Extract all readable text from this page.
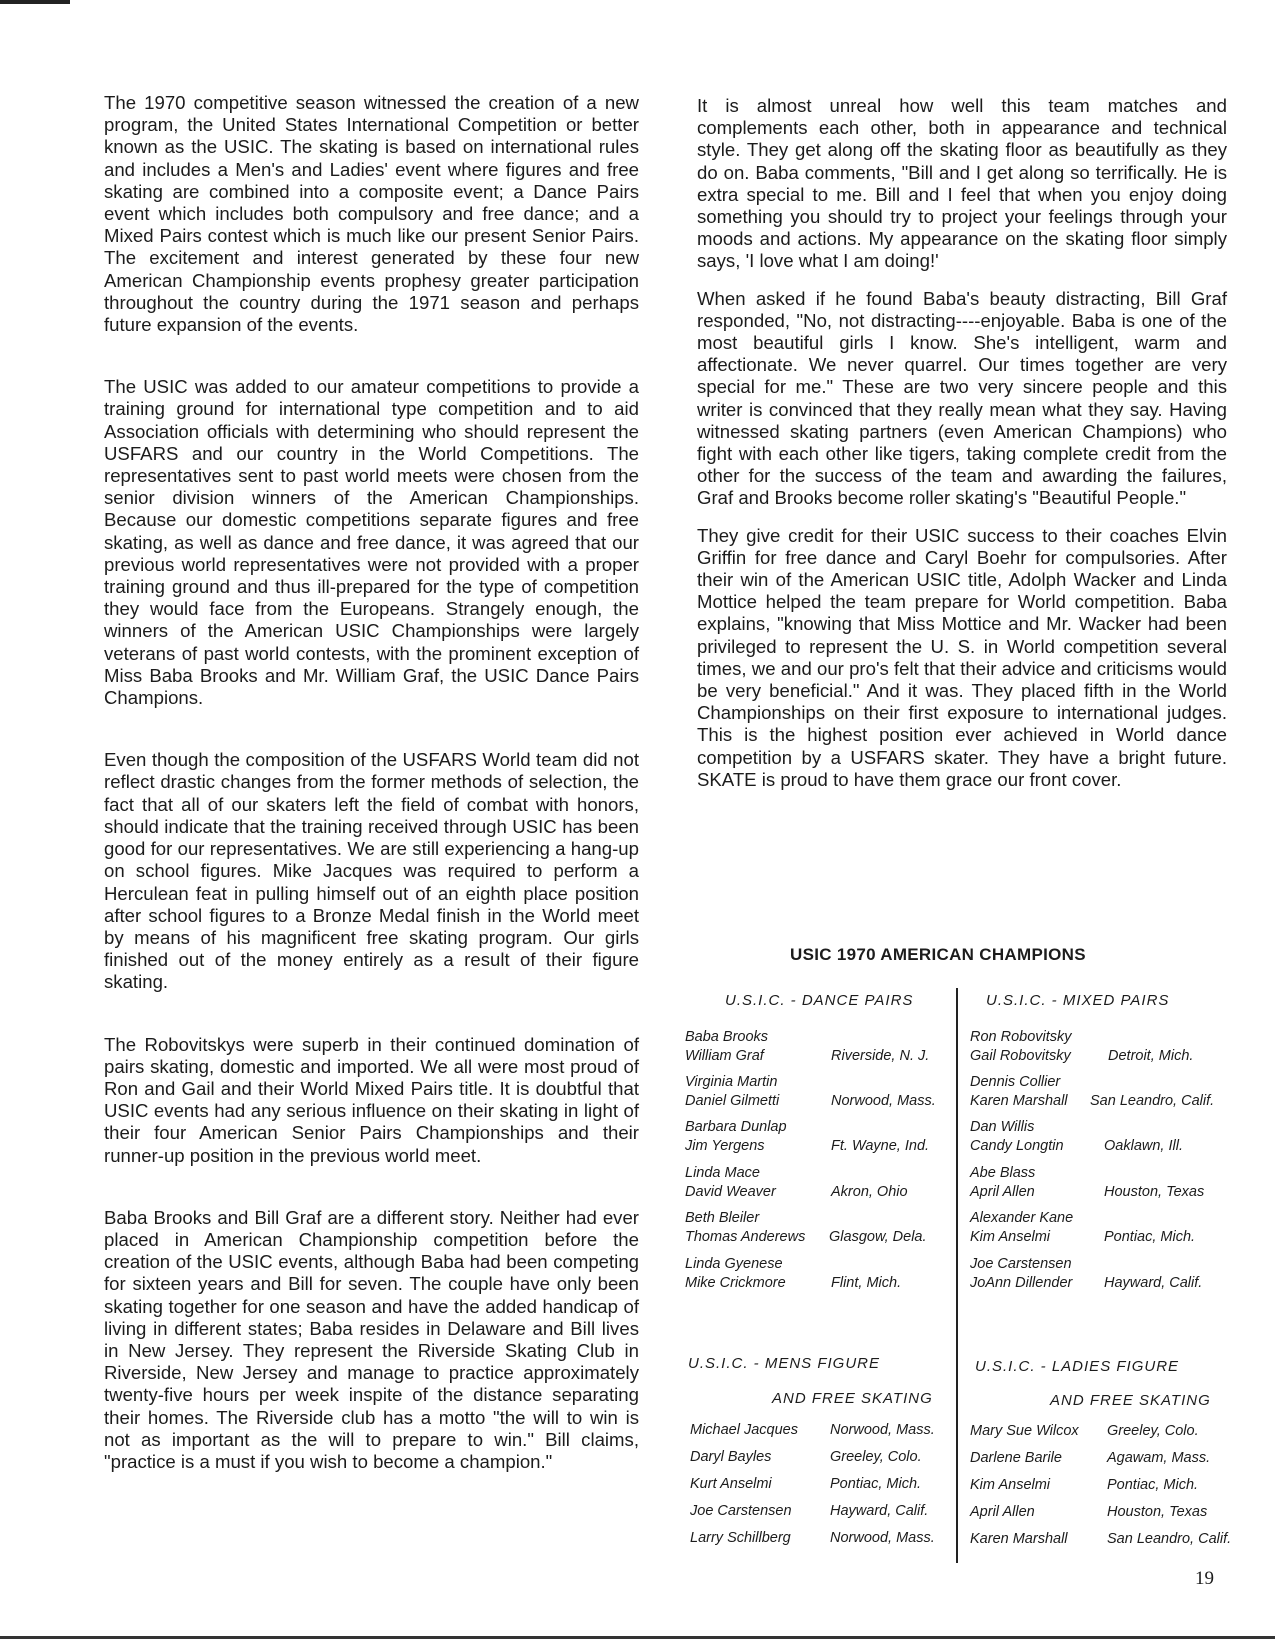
The 1970 competitive season witnessed the creation of a new program, the United States International Competition or better known as the USIC. The skating is based on international rules and includes a Men's and Ladies' event where figures and free skating are combined into a composite event; a Dance Pairs event which includes both compulsory and free dance; and a Mixed Pairs contest which is much like our present Senior Pairs. The excitement and interest generated by these four new American Championship events prophesy greater participation throughout the country during the 1971 season and perhaps future expansion of the events.

The USIC was added to our amateur competitions to provide a training ground for international type competition and to aid Association officials with determining who should represent the USFARS and our country in the World Competitions. The representatives sent to past world meets were chosen from the senior division winners of the American Championships. Because our domestic competitions separate figures and free skating, as well as dance and free dance, it was agreed that our previous world representatives were not provided with a proper training ground and thus ill-prepared for the type of competition they would face from the Europeans. Strangely enough, the winners of the American USIC Championships were largely veterans of past world contests, with the prominent exception of Miss Baba Brooks and Mr. William Graf, the USIC Dance Pairs Champions.

Even though the composition of the USFARS World team did not reflect drastic changes from the former methods of selection, the fact that all of our skaters left the field of combat with honors, should indicate that the training received through USIC has been good for our representatives. We are still experiencing a hang-up on school figures. Mike Jacques was required to perform a Herculean feat in pulling himself out of an eighth place position after school figures to a Bronze Medal finish in the World meet by means of his magnificent free skating program. Our girls finished out of the money entirely as a result of their figure skating.

The Robovitskys were superb in their continued domination of pairs skating, domestic and imported. We all were most proud of Ron and Gail and their World Mixed Pairs title. It is doubtful that USIC events had any serious influence on their skating in light of their four American Senior Pairs Championships and their runner-up position in the previous world meet.

Baba Brooks and Bill Graf are a different story. Neither had ever placed in American Championship competition before the creation of the USIC events, although Baba had been competing for sixteen years and Bill for seven. The couple have only been skating together for one season and have the added handicap of living in different states; Baba resides in Delaware and Bill lives in New Jersey. They represent the Riverside Skating Club in Riverside, New Jersey and manage to practice approximately twenty-five hours per week inspite of the distance separating their homes. The Riverside club has a motto "the will to win is not as important as the will to prepare to win." Bill claims, "practice is a must if you wish to become a champion."

It is almost unreal how well this team matches and complements each other, both in appearance and technical style. They get along off the skating floor as beautifully as they do on. Baba comments, "Bill and I get along so terrifically. He is extra special to me. Bill and I feel that when you enjoy doing something you should try to project your feelings through your moods and actions. My appearance on the skating floor simply says, 'I love what I am doing!'

When asked if he found Baba's beauty distracting, Bill Graf responded, "No, not distracting----enjoyable. Baba is one of the most beautiful girls I know. She's intelligent, warm and affectionate. We never quarrel. Our times together are very special for me." These are two very sincere people and this writer is convinced that they really mean what they say. Having witnessed skating partners (even American Champions) who fight with each other like tigers, taking complete credit from the other for the success of the team and awarding the failures, Graf and Brooks become roller skating's "Beautiful People."

They give credit for their USIC success to their coaches Elvin Griffin for free dance and Caryl Boehr for compulsories. After their win of the American USIC title, Adolph Wacker and Linda Mottice helped the team prepare for World competition. Baba explains, "knowing that Miss Mottice and Mr. Wacker had been privileged to represent the U. S. in World competition several times, we and our pro's felt that their advice and criticisms would be very beneficial." And it was. They placed fifth in the World Championships on their first exposure to international judges. This is the highest position ever achieved in World dance competition by a USFARS skater. They have a bright future. SKATE is proud to have them grace our front cover.

USIC 1970 AMERICAN CHAMPIONS
U.S.I.C. - DANCE PAIRS
Baba Brooks
William Graf	Riverside, N. J.
Virginia Martin
Daniel Gilmetti	Norwood, Mass.
Barbara Dunlap
Jim Yergens	Ft. Wayne, Ind.
Linda Mace
David Weaver	Akron, Ohio
Beth Bleiler
Thomas Anderews	Glasgow, Dela.
Linda Gyenese
Mike Crickmore	Flint, Mich.
U.S.I.C. - MIXED PAIRS
Ron Robovitsky
Gail Robovitsky	Detroit, Mich.
Dennis Collier
Karen Marshall	San Leandro, Calif.
Dan Willis
Candy Longtin	Oaklawn, Ill.
Abe Blass
April Allen	Houston, Texas
Alexander Kane
Kim Anselmi	Pontiac, Mich.
Joe Carstensen
JoAnn Dillender	Hayward, Calif.
U.S.I.C. - MENS FIGURE
AND FREE SKATING
Michael Jacques Norwood, Mass.
Daryl Bayles	Greeley, Colo.
Kurt Anselmi	Pontiac, Mich.
Joe Carstensen	Hayward, Calif.
Larry Schillberg	Norwood, Mass.
U.S.I.C. - LADIES FIGURE
AND FREE SKATING
Mary Sue Wilcox Greeley, Colo.
Darlene Barile	Agawam, Mass.
Kim Anselmi	Pontiac, Mich.
April Allen	Houston, Texas
Karen Marshall	San Leandro, Calif.
19
